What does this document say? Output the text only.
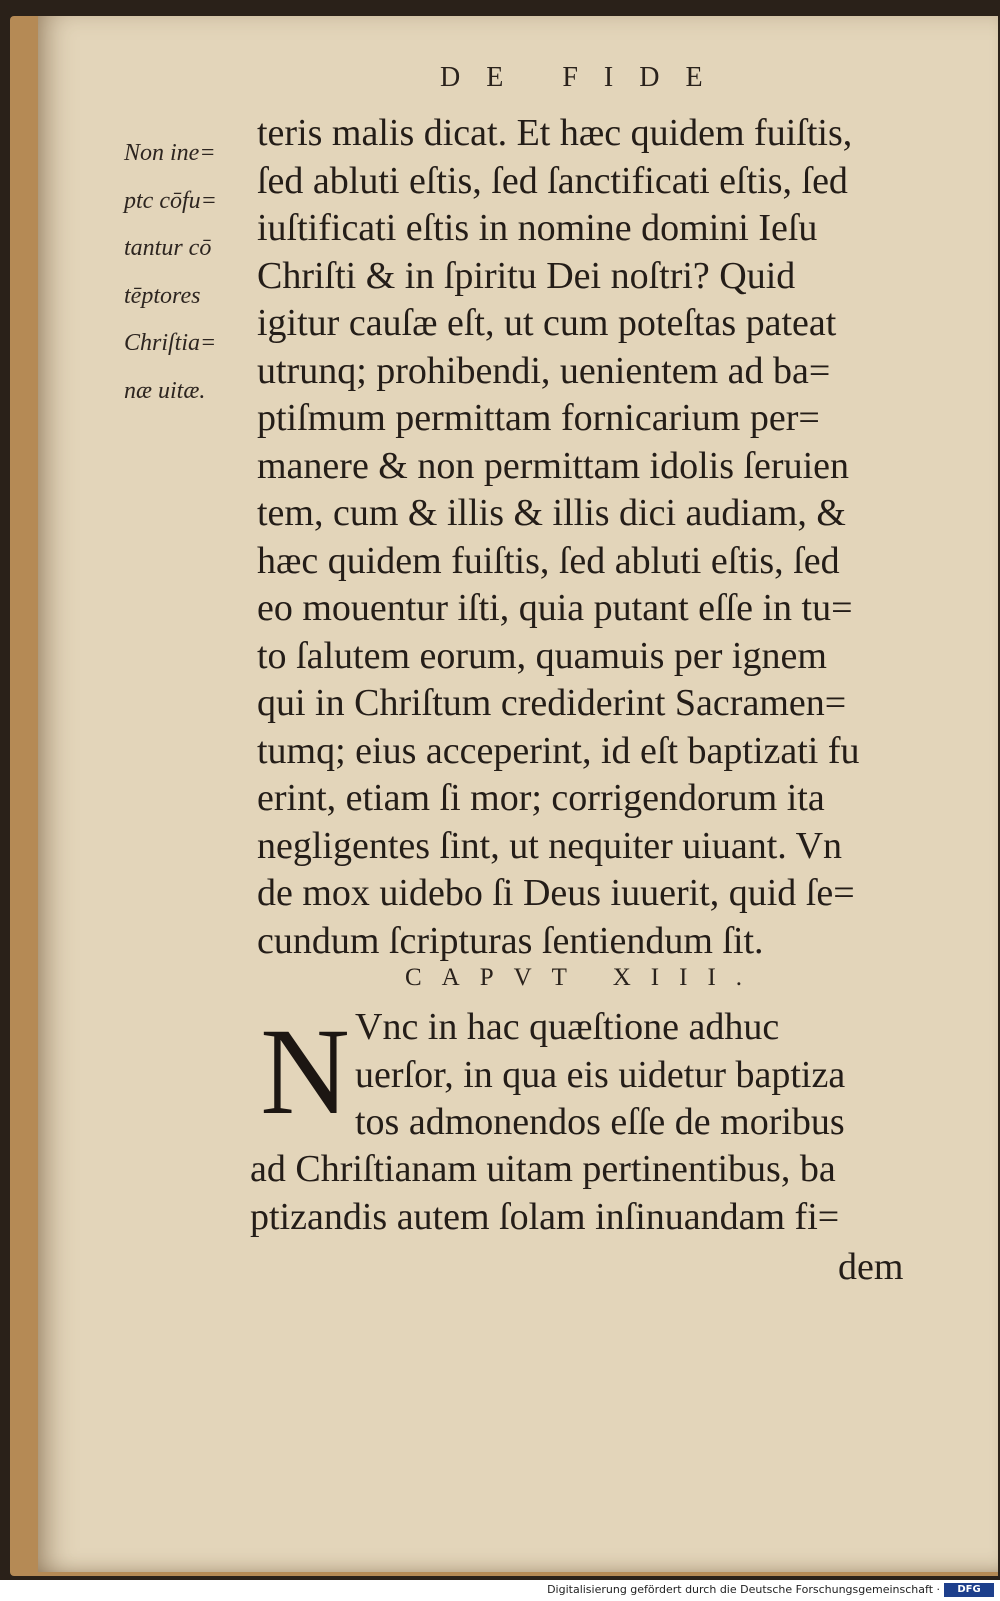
DE FIDE
Non ine=
ptc cōfu=
tantur cō
tēptores
Chriſtia=
næ uitæ.
teris malis dicat. Et hæc quidem fuiſtis,
ſed abluti eſtis, ſed ſanctificati eſtis, ſed
iuſtificati eſtis in nomine domini Ieſu
Chriſti & in ſpiritu Dei noſtri? Quid
igitur cauſæ eſt, ut cum poteſtas pateat
utrunq; prohibendi, uenientem ad ba=
ptiſmum permittam fornicarium per=
manere & non permittam idolis ſeruien
tem, cum & illis & illis dici audiam, &
hæc quidem fuiſtis, ſed abluti eſtis, ſed
eo mouentur iſti, quia putant eſſe in tu=
to ſalutem eorum, quamuis per ignem
qui in Chriſtum crediderint Sacramen=
tumq; eius acceperint, id eſt baptizati fu
erint, etiam ſi mor; corrigendorum ita
negligentes ſint, ut nequiter uiuant. Vn
de mox uidebo ſi Deus iuuerit, quid ſe=
cundum ſcripturas ſentiendum ſit.
CAPVT XIII.
N Vnc in hac quæſtione adhuc
uerſor, in qua eis uidetur baptiza
tos admonendos eſſe de moribus
ad Chriſtianam uitam pertinentibus, ba
ptizandis autem ſolam inſinuandam fi=
dem
Digitalisierung gefördert durch die Deutsche Forschungsgemeinschaft ·	DFG
